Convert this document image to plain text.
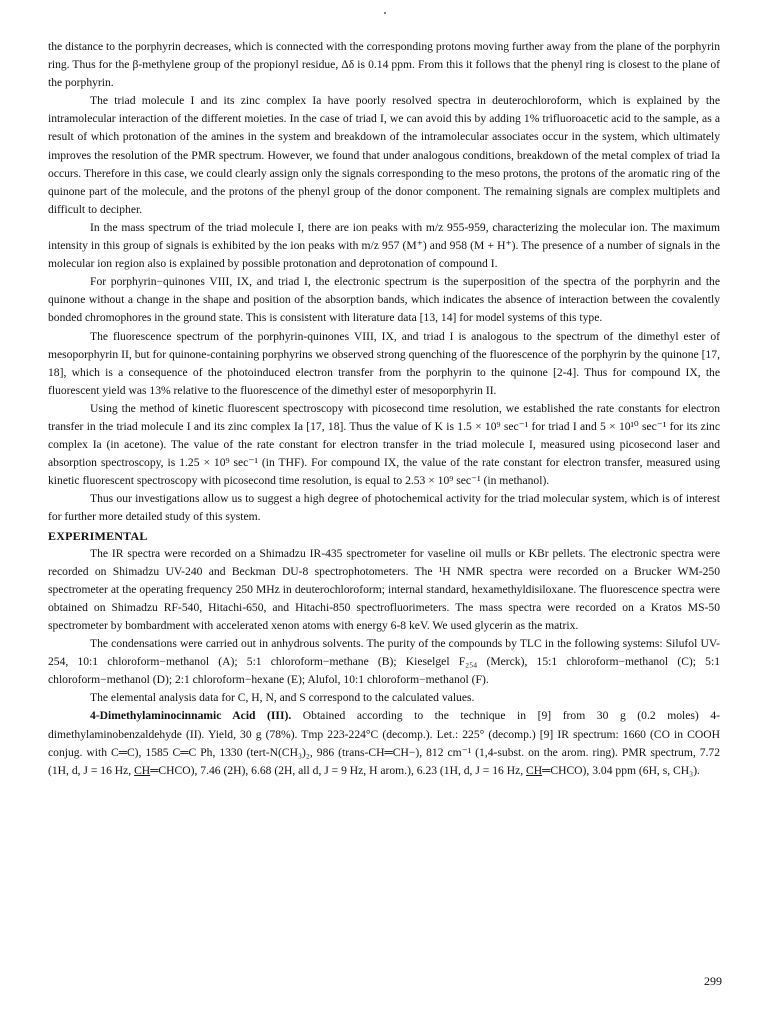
the distance to the porphyrin decreases, which is connected with the corresponding protons moving further away from the plane of the porphyrin ring. Thus for the β-methylene group of the propionyl residue, Δδ is 0.14 ppm. From this it follows that the phenyl ring is closest to the plane of the porphyrin.

The triad molecule I and its zinc complex Ia have poorly resolved spectra in deuterochloroform, which is explained by the intramolecular interaction of the different moieties. In the case of triad I, we can avoid this by adding 1% trifluoroacetic acid to the sample, as a result of which protonation of the amines in the system and breakdown of the intramolecular associates occur in the system, which ultimately improves the resolution of the PMR spectrum. However, we found that under analogous conditions, breakdown of the metal complex of triad Ia occurs. Therefore in this case, we could clearly assign only the signals corresponding to the meso protons, the protons of the aromatic ring of the quinone part of the molecule, and the protons of the phenyl group of the donor component. The remaining signals are complex multiplets and difficult to decipher.

In the mass spectrum of the triad molecule I, there are ion peaks with m/z 955-959, characterizing the molecular ion. The maximum intensity in this group of signals is exhibited by the ion peaks with m/z 957 (M⁺) and 958 (M + H⁺). The presence of a number of signals in the molecular ion region also is explained by possible protonation and deprotonation of compound I.

For porphyrin−quinones VIII, IX, and triad I, the electronic spectrum is the superposition of the spectra of the porphyrin and the quinone without a change in the shape and position of the absorption bands, which indicates the absence of interaction between the covalently bonded chromophores in the ground state. This is consistent with literature data [13, 14] for model systems of this type.

The fluorescence spectrum of the porphyrin-quinones VIII, IX, and triad I is analogous to the spectrum of the dimethyl ester of mesoporphyrin II, but for quinone-containing porphyrins we observed strong quenching of the fluorescence of the porphyrin by the quinone [17, 18], which is a consequence of the photoinduced electron transfer from the porphyrin to the quinone [2-4]. Thus for compound IX, the fluorescent yield was 13% relative to the fluorescence of the dimethyl ester of mesoporphyrin II.

Using the method of kinetic fluorescent spectroscopy with picosecond time resolution, we established the rate constants for electron transfer in the triad molecule I and its zinc complex Ia [17, 18]. Thus the value of K is 1.5 × 10⁹ sec⁻¹ for triad I and 5 × 10¹⁰ sec⁻¹ for its zinc complex Ia (in acetone). The value of the rate constant for electron transfer in the triad molecule I, measured using picosecond laser and absorption spectroscopy, is 1.25 × 10⁹ sec⁻¹ (in THF). For compound IX, the value of the rate constant for electron transfer, measured using kinetic fluorescent spectroscopy with picosecond time resolution, is equal to 2.53 × 10⁹ sec⁻¹ (in methanol).

Thus our investigations allow us to suggest a high degree of photochemical activity for the triad molecular system, which is of interest for further more detailed study of this system.

EXPERIMENTAL

The IR spectra were recorded on a Shimadzu IR-435 spectrometer for vaseline oil mulls or KBr pellets. The electronic spectra were recorded on Shimadzu UV-240 and Beckman DU-8 spectrophotometers. The ¹H NMR spectra were recorded on a Brucker WM-250 spectrometer at the operating frequency 250 MHz in deuterochloroform; internal standard, hexamethyldisiloxane. The fluorescence spectra were obtained on Shimadzu RF-540, Hitachi-650, and Hitachi-850 spectrofluorimeters. The mass spectra were recorded on a Kratos MS-50 spectrometer by bombardment with accelerated xenon atoms with energy 6-8 keV. We used glycerin as the matrix.

The condensations were carried out in anhydrous solvents. The purity of the compounds by TLC in the following systems: Silufol UV-254, 10:1 chloroform−methanol (A); 5:1 chloroform−methane (B); Kieselgel F₂₅₄ (Merck), 15:1 chloroform−methanol (C); 5:1 chloroform−methanol (D); 2:1 chloroform−hexane (E); Alufol, 10:1 chloroform−methanol (F).

The elemental analysis data for C, H, N, and S correspond to the calculated values.

4-Dimethylaminocinnamic Acid (III). Obtained according to the technique in [9] from 30 g (0.2 moles) 4-dimethylaminobenzaldehyde (II). Yield, 30 g (78%). Tmp 223-224°C (decomp.). Let.: 225° (decomp.) [9] IR spectrum: 1660 (CO in COOH conjug. with C═C), 1585 C═C Ph, 1330 (tert-N(CH₃)₂, 986 (trans-CH═CH−), 812 cm⁻¹ (1,4-subst. on the arom. ring). PMR spectrum, 7.72 (1H, d, J = 16 Hz, CH═CHCO), 7.46 (2H), 6.68 (2H, all d, J = 9 Hz, H arom.), 6.23 (1H, d, J = 16 Hz, CH═CHCO), 3.04 ppm (6H, s, CH₃).

299
